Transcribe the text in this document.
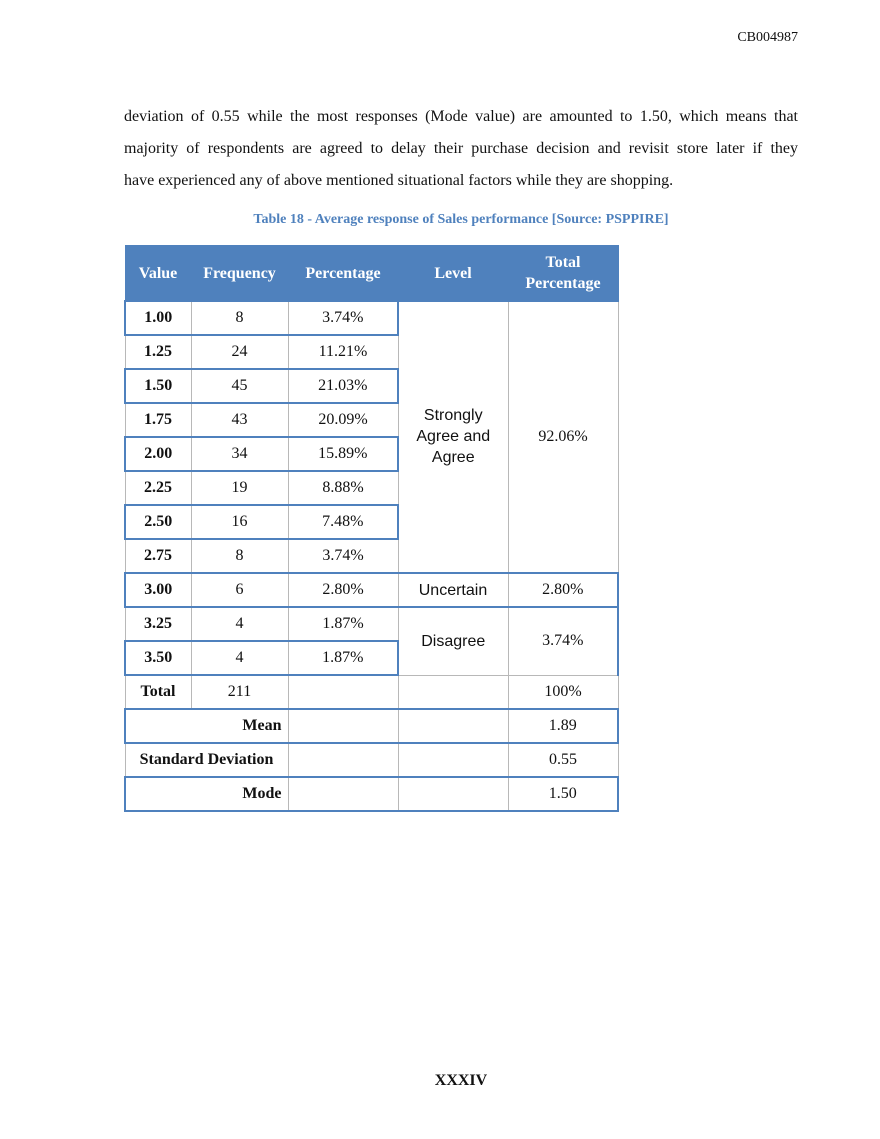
CB004987
deviation of 0.55 while the most responses (Mode value) are amounted to 1.50, which means that
majority of respondents are agreed to delay their purchase decision and revisit store later if they
have experienced any of above mentioned situational factors while they are shopping.
Table 18 - Average response of Sales performance [Source: PSPPIRE]
Value	Frequency	Percentage	Level	Total Percentage
1.00	8	3.74%	Strongly Agree and Agree	92.06%
1.25	24	11.21%		
1.50	45	21.03%		
1.75	43	20.09%		
2.00	34	15.89%		
2.25	19	8.88%		
2.50	16	7.48%		
2.75	8	3.74%		
3.00	6	2.80%	Uncertain	2.80%
3.25	4	1.87%	Disagree	3.74%
3.50	4	1.87%		
Total	211			100%
Mean				1.89
Standard Deviation				0.55
Mode				1.50
XXXIV
